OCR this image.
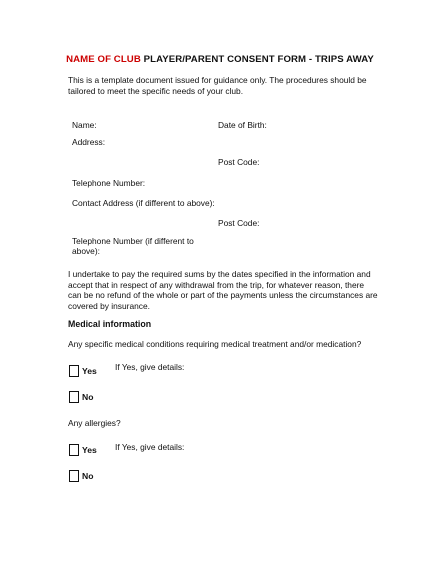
NAME OF CLUB PLAYER/PARENT CONSENT FORM - TRIPS AWAY
This is a template document issued for guidance only. The procedures should be tailored to meet the specific needs of your club.
Name:	Date of Birth:
Address:
Post Code:
Telephone Number:
Contact Address (if different to above):
Post Code:
Telephone Number (if different to
above):
I undertake to pay the required sums by the dates specified in the information and accept that in respect of any withdrawal from the trip, for whatever reason, there can be no refund of the whole or part of the payments unless the circumstances are covered by insurance.
Medical information
Any specific medical conditions requiring medical treatment and/or medication?
Yes If Yes, give details:
No
Any allergies?
Yes If Yes, give details:
No
